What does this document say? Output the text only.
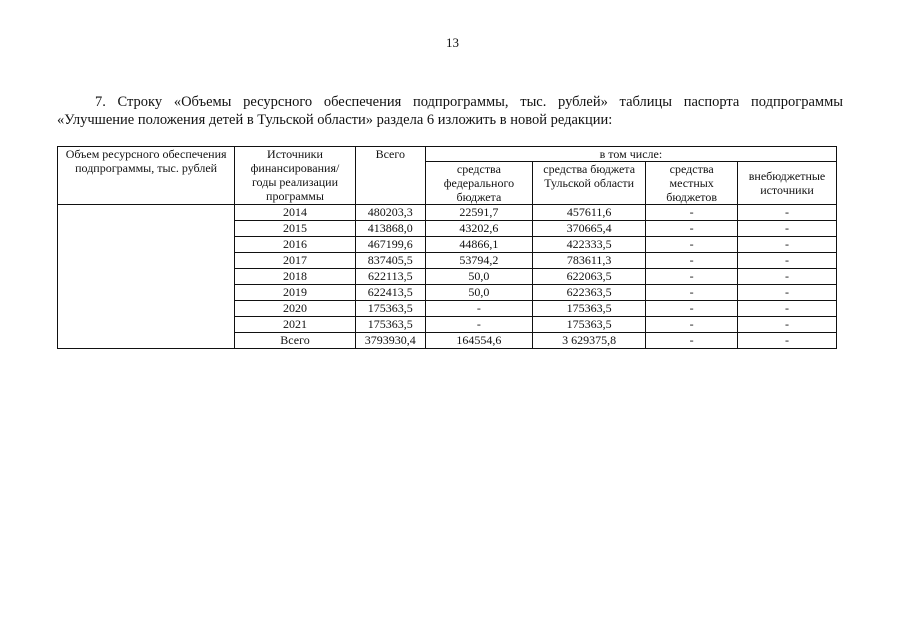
13
7. Строку «Объемы ресурсного обеспечения подпрограммы, тыс. рублей» таблицы паспорта подпрограммы
«Улучшение положения детей в Тульской области» раздела 6 изложить в новой редакции:
Объем ресурсного обеспечения подпрограммы, тыс. рублей	Источники финансирования/ годы реализации программы	Всего	в том числе:			
			средства федерального бюджета	средства бюджета Тульской области	средства местных бюджетов	внебюджетные источники
	2014	480203,3	22591,7	457611,6	-	-
	2015	413868,0	43202,6	370665,4	-	-
	2016	467199,6	44866,1	422333,5	-	-
	2017	837405,5	53794,2	783611,3	-	-
	2018	622113,5	50,0	622063,5	-	-
	2019	622413,5	50,0	622363,5	-	-
	2020	175363,5	-	175363,5	-	-
	2021	175363,5	-	175363,5	-	-
	Всего	3793930,4	164554,6	3 629375,8	-	-
